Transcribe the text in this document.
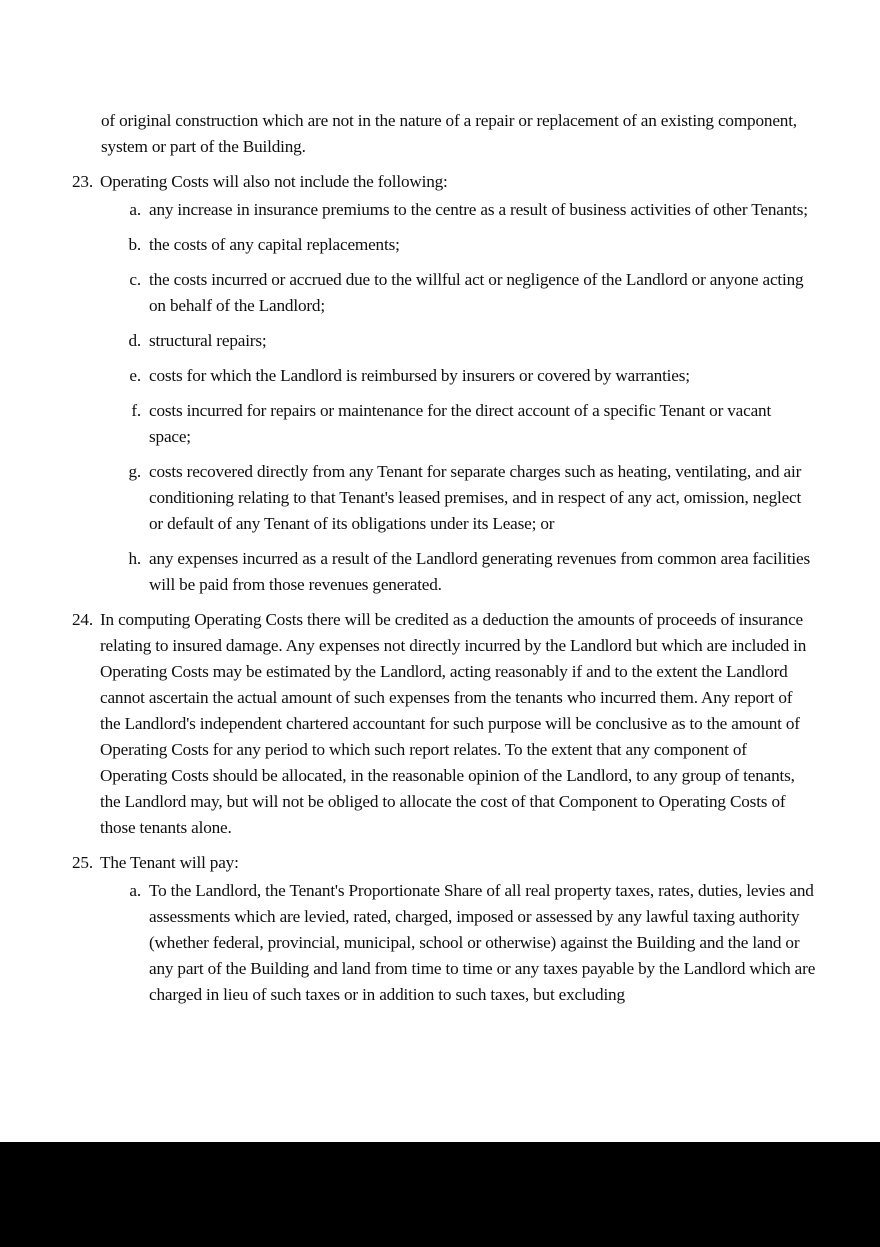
of original construction which are not in the nature of a repair or replacement of an existing component, system or part of the Building.

23. Operating Costs will also not include the following:
a. any increase in insurance premiums to the centre as a result of business activities of other Tenants;
b. the costs of any capital replacements;
c. the costs incurred or accrued due to the willful act or negligence of the Landlord or anyone acting on behalf of the Landlord;
d. structural repairs;
e. costs for which the Landlord is reimbursed by insurers or covered by warranties;
f. costs incurred for repairs or maintenance for the direct account of a specific Tenant or vacant space;
g. costs recovered directly from any Tenant for separate charges such as heating, ventilating, and air conditioning relating to that Tenant's leased premises, and in respect of any act, omission, neglect or default of any Tenant of its obligations under its Lease; or
h. any expenses incurred as a result of the Landlord generating revenues from common area facilities will be paid from those revenues generated.
24. In computing Operating Costs there will be credited as a deduction the amounts of proceeds of insurance relating to insured damage. Any expenses not directly incurred by the Landlord but which are included in Operating Costs may be estimated by the Landlord, acting reasonably if and to the extent the Landlord cannot ascertain the actual amount of such expenses from the tenants who incurred them. Any report of the Landlord's independent chartered accountant for such purpose will be conclusive as to the amount of Operating Costs for any period to which such report relates. To the extent that any component of Operating Costs should be allocated, in the reasonable opinion of the Landlord, to any group of tenants, the Landlord may, but will not be obliged to allocate the cost of that Component to Operating Costs of those tenants alone.
25. The Tenant will pay:
a. To the Landlord, the Tenant's Proportionate Share of all real property taxes, rates, duties, levies and assessments which are levied, rated, charged, imposed or assessed by any lawful taxing authority (whether federal, provincial, municipal, school or otherwise) against the Building and the land or any part of the Building and land from time to time or any taxes payable by the Landlord which are charged in lieu of such taxes or in addition to such taxes, but excluding
